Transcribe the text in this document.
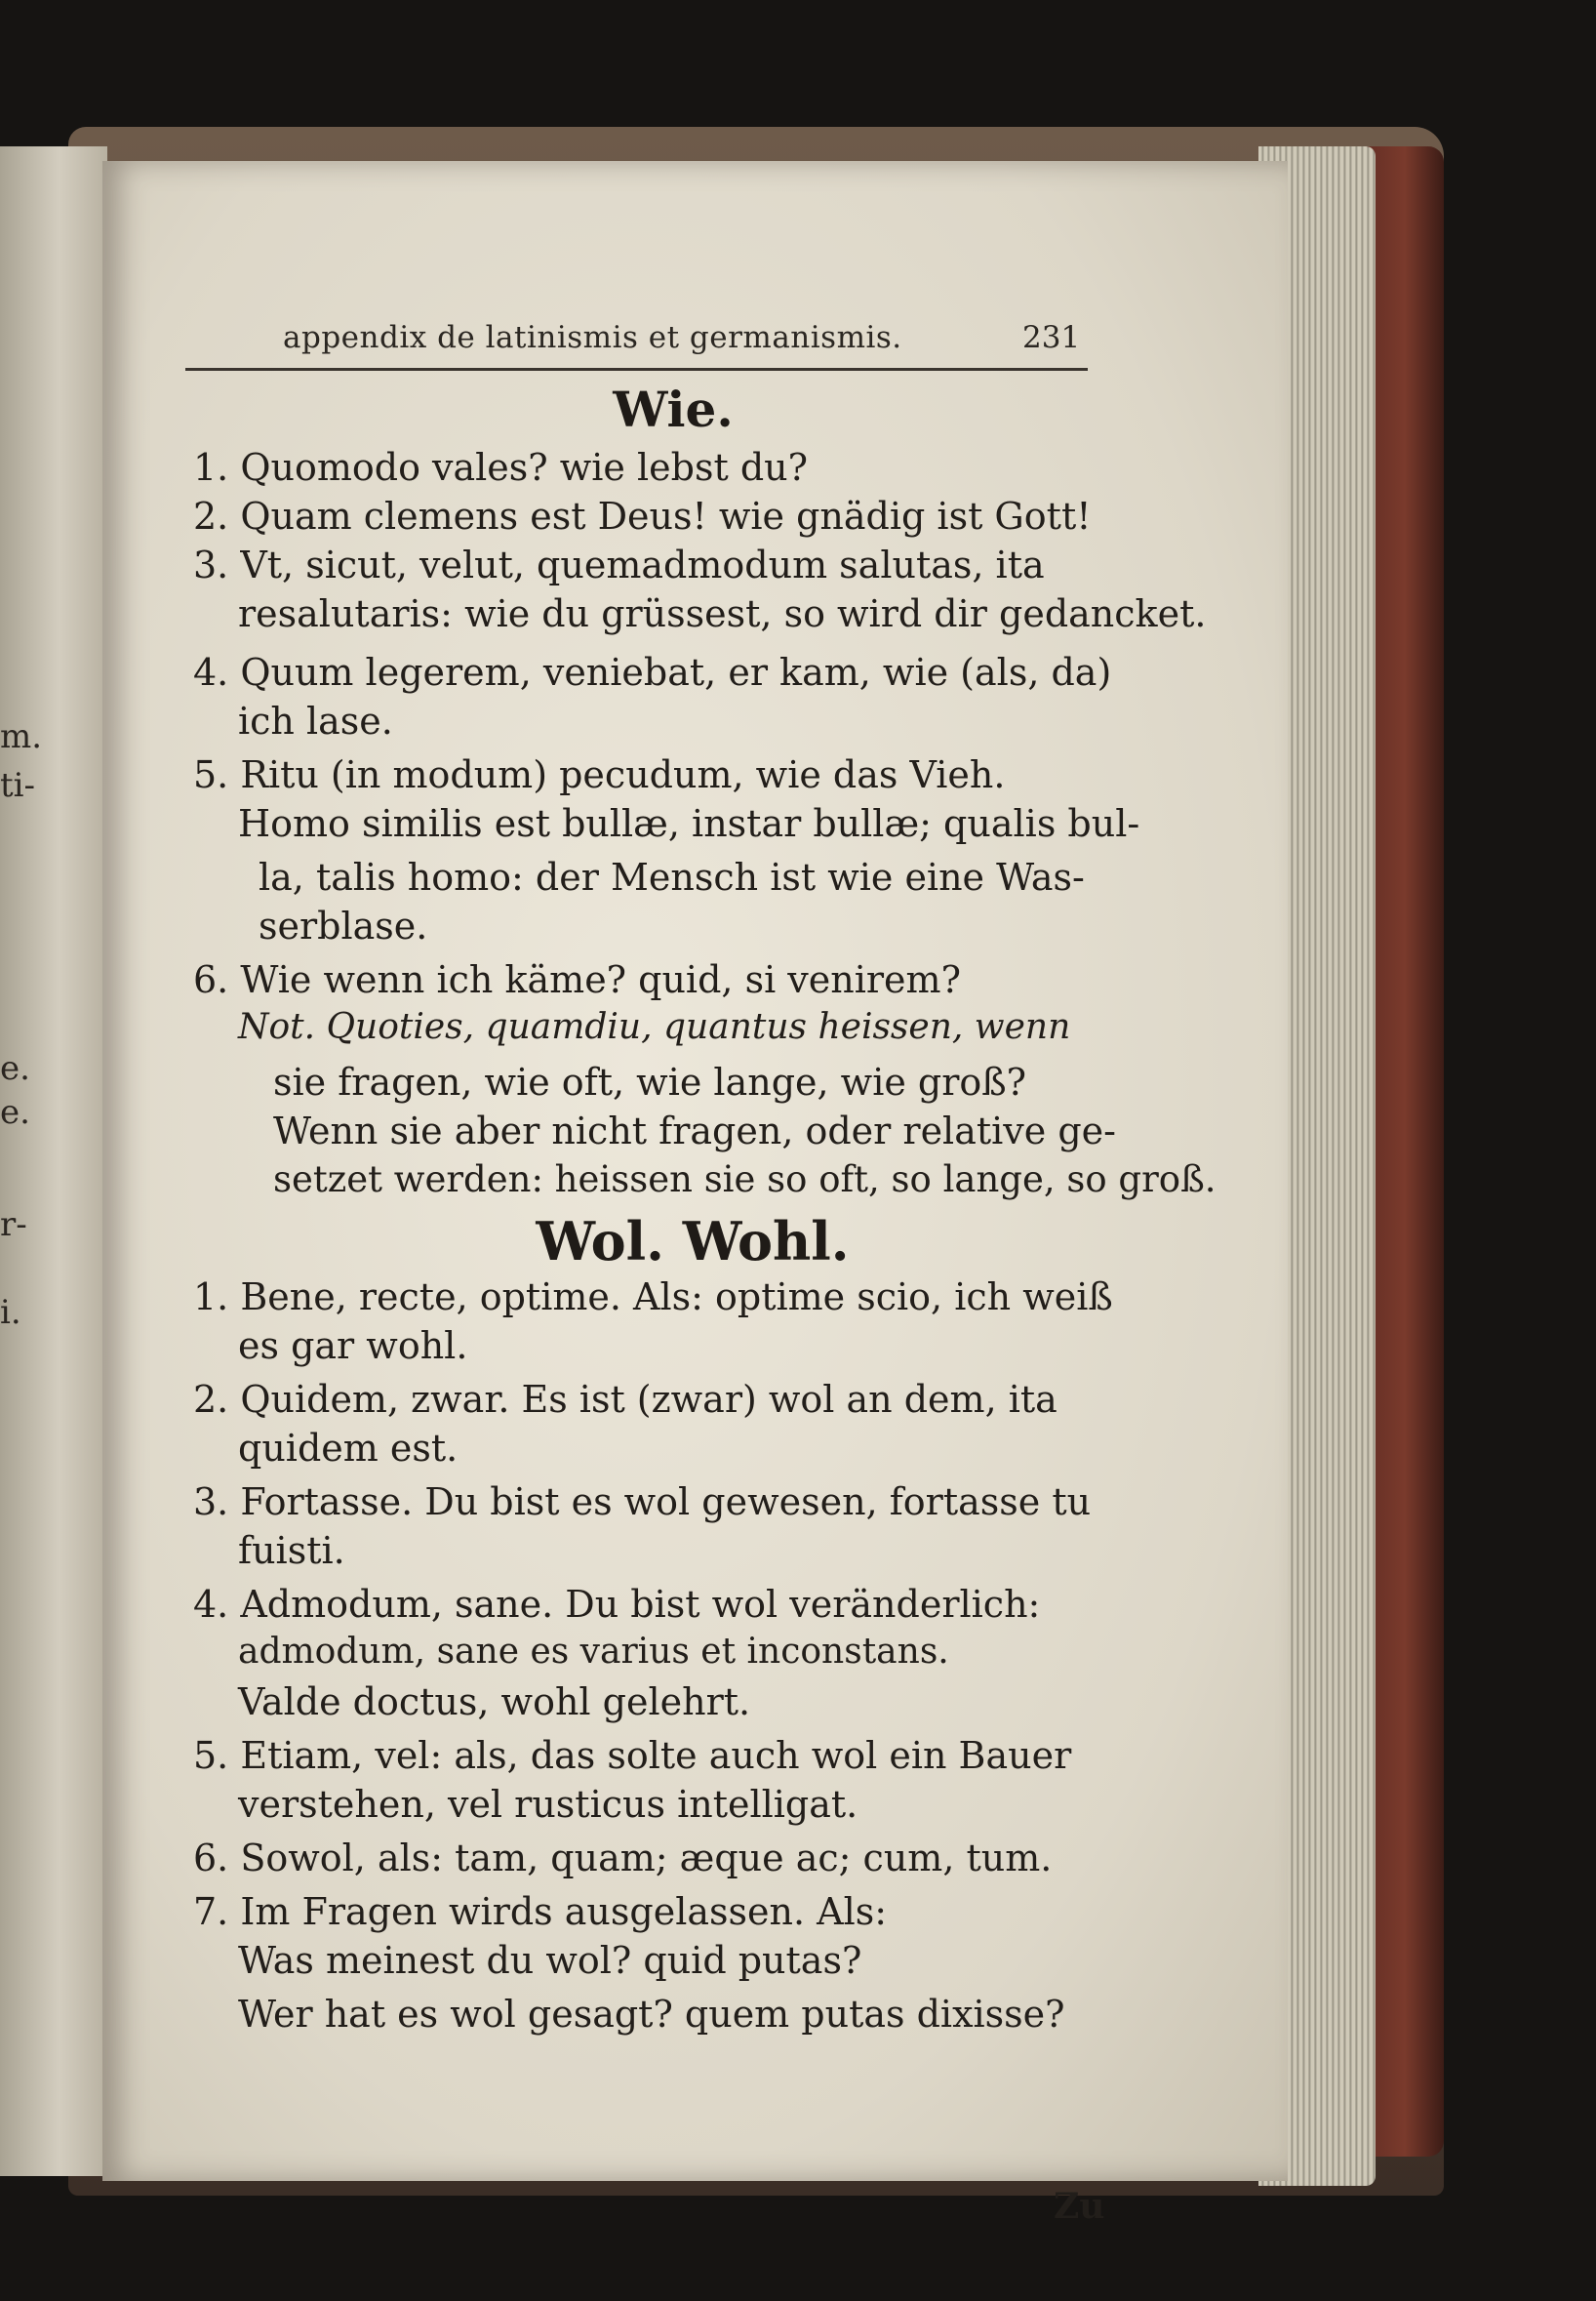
m.
ti-
e.
e.
r-
i.
appendix de latinismis et germanismis.	231
Wie.
1. Quomodo vales? wie lebst du?
2. Quam clemens est Deus! wie gnädig ist Gott!
3. Vt, sicut, velut, quemadmodum salutas, ita
resalutaris: wie du grüssest, so wird dir gedancket.
4. Quum legerem, veniebat, er kam, wie (als, da)
ich lase.
5. Ritu (in modum) pecudum, wie das Vieh.
Homo similis est bullæ, instar bullæ; qualis bul-
la, talis homo: der Mensch ist wie eine Was-
serblase.
6. Wie wenn ich käme? quid, si venirem?
Not. Quoties, quamdiu, quantus heissen, wenn
sie fragen, wie oft, wie lange, wie groß?
Wenn sie aber nicht fragen, oder relative ge-
setzet werden: heissen sie so oft, so lange, so groß.
Wol. Wohl.
1. Bene, recte, optime. Als: optime scio, ich weiß
es gar wohl.
2. Quidem, zwar. Es ist (zwar) wol an dem, ita
quidem est.
3. Fortasse. Du bist es wol gewesen, fortasse tu
fuisti.
4. Admodum, sane. Du bist wol veränderlich:
admodum, sane es varius et inconstans.
Valde doctus, wohl gelehrt.
5. Etiam, vel: als, das solte auch wol ein Bauer
verstehen, vel rusticus intelligat.
6. Sowol, als: tam, quam; æque ac; cum, tum.
7. Im Fragen wirds ausgelassen. Als:
Was meinest du wol? quid putas?
Wer hat es wol gesagt? quem putas dixisse?
Zu
